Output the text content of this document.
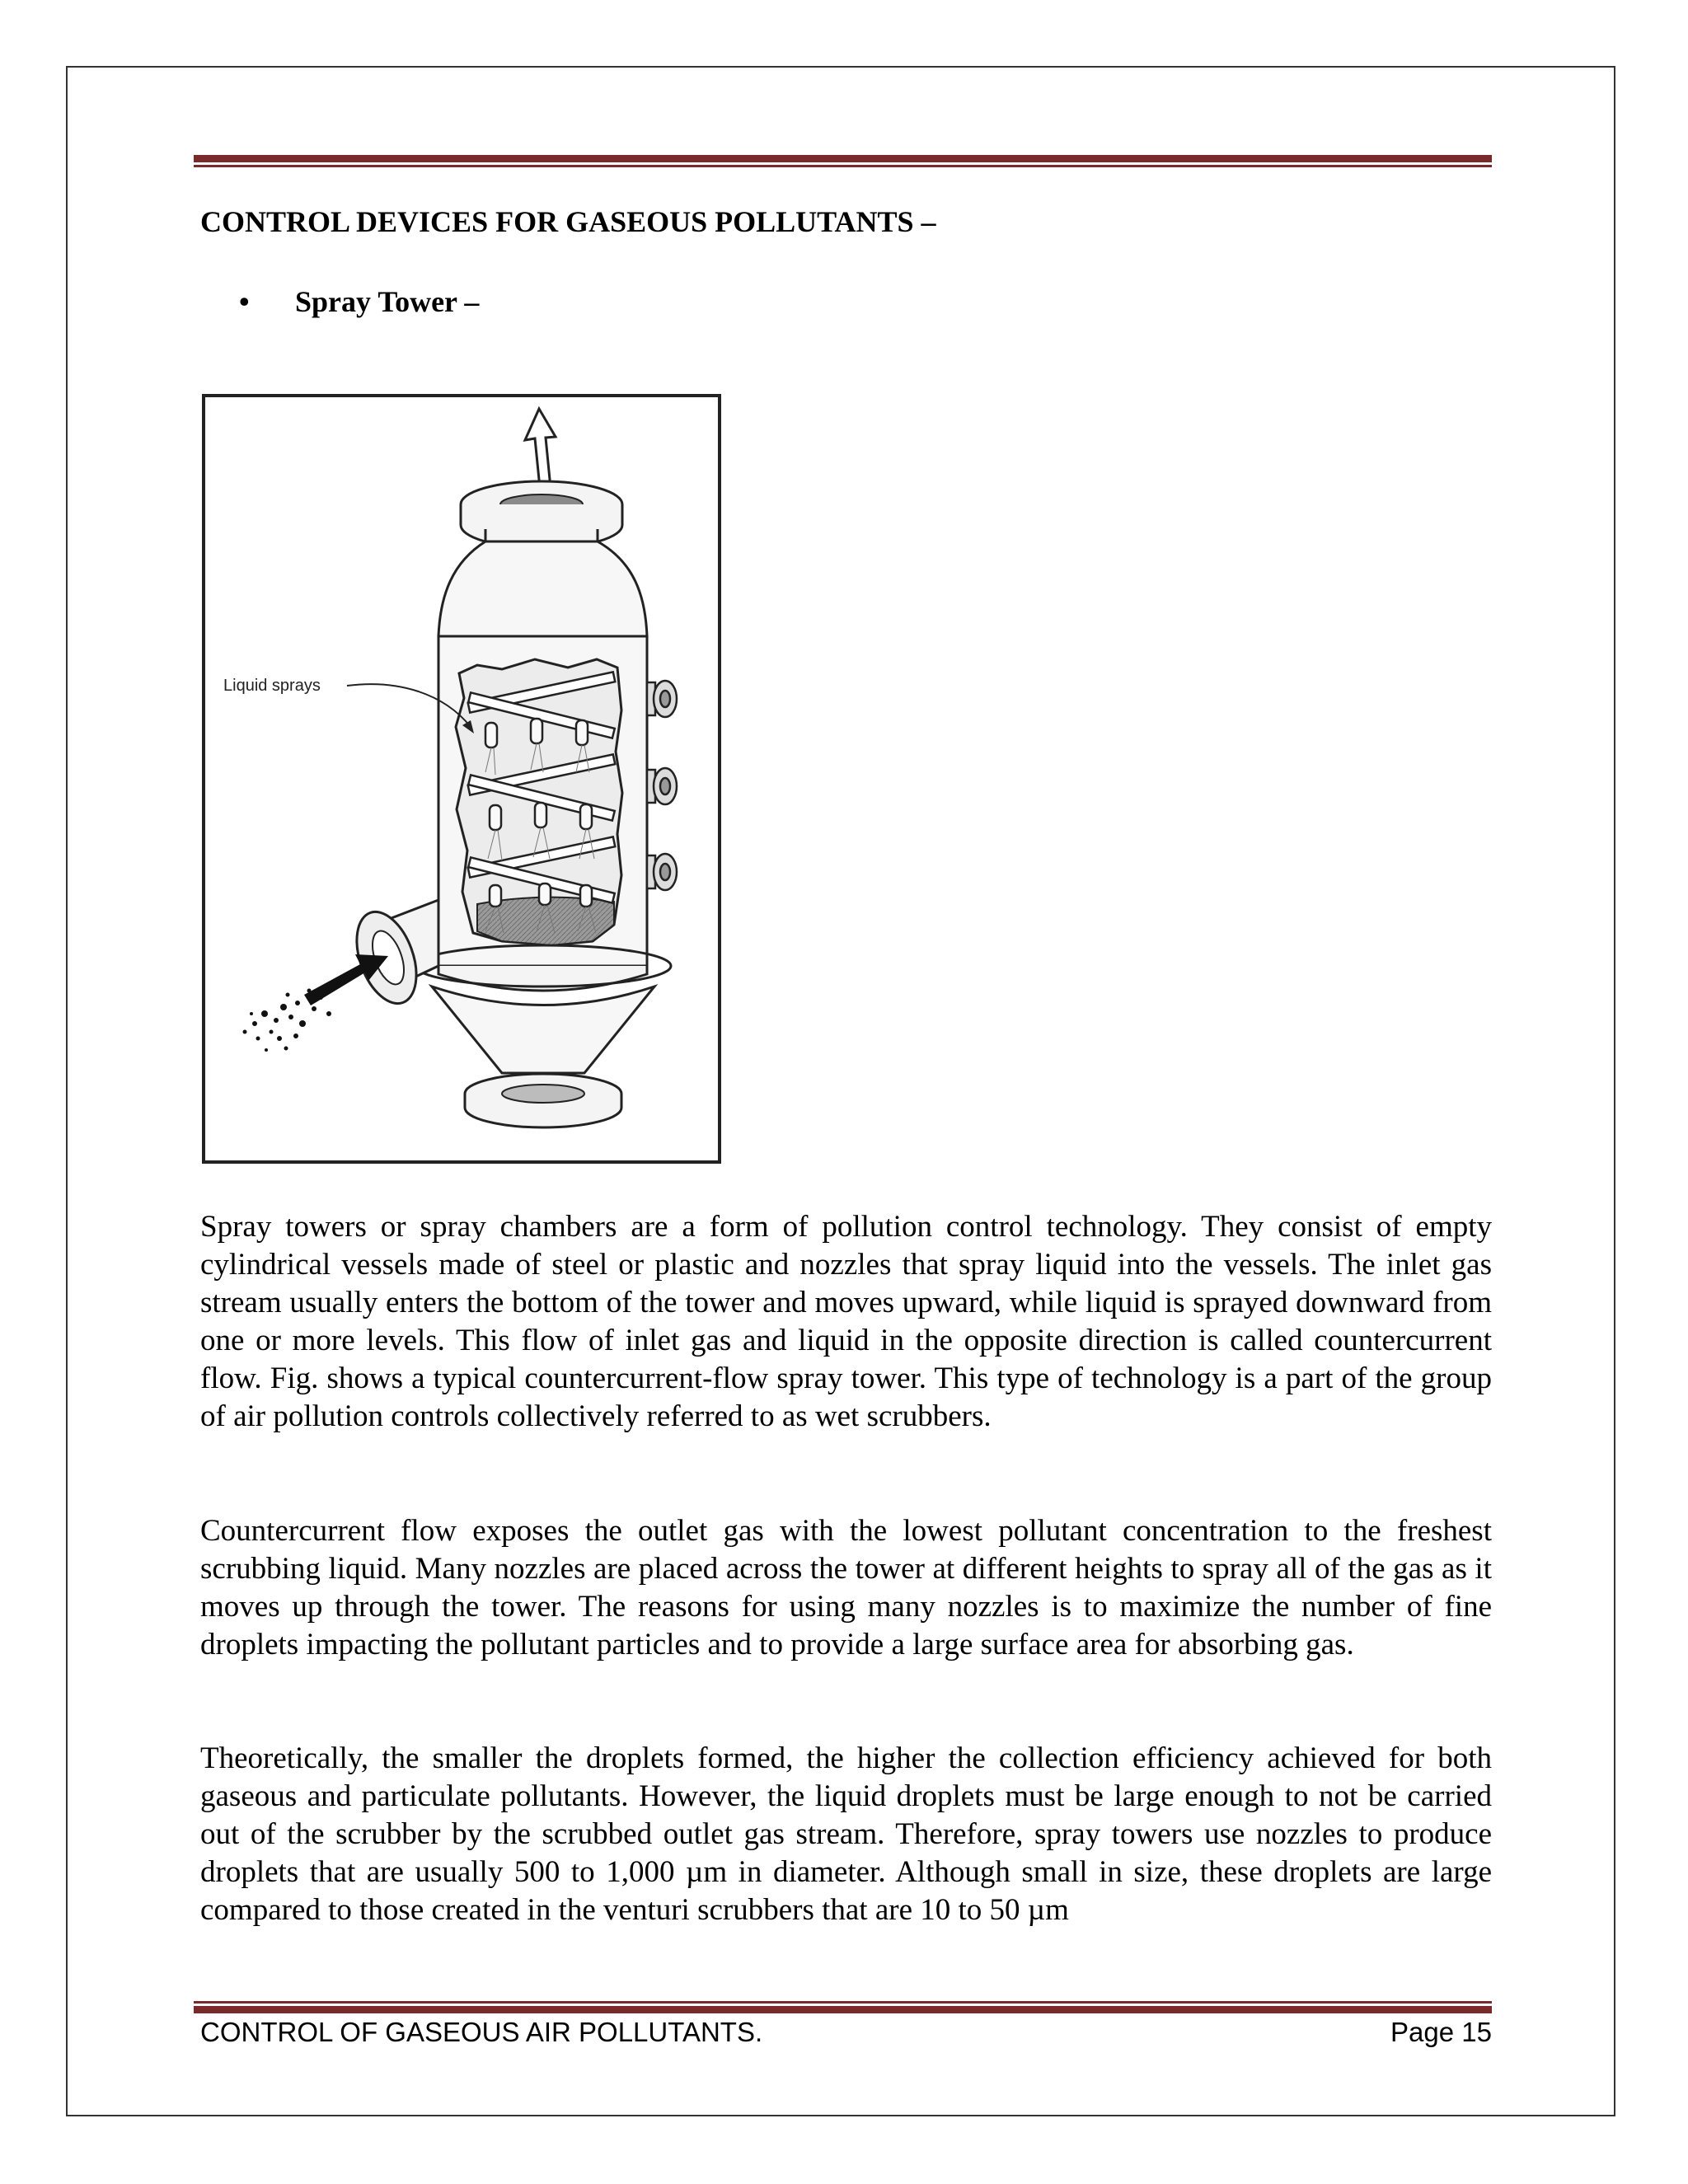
CONTROL DEVICES FOR GASEOUS POLLUTANTS –
• Spray Tower –
Liquid sprays
Spray towers or spray chambers are a form of pollution control technology. They consist of empty cylindrical vessels made of steel or plastic and nozzles that spray liquid into the vessels. The inlet gas stream usually enters the bottom of the tower and moves upward, while liquid is sprayed downward from one or more levels. This flow of inlet gas and liquid in the opposite direction is called countercurrent flow. Fig. shows a typical countercurrent-flow spray tower. This type of technology is a part of the group of air pollution controls collectively referred to as wet scrubbers.
Countercurrent flow exposes the outlet gas with the lowest pollutant concentration to the freshest scrubbing liquid. Many nozzles are placed across the tower at different heights to spray all of the gas as it moves up through the tower. The reasons for using many nozzles is to maximize the number of fine droplets impacting the pollutant particles and to provide a large surface area for absorbing gas.
Theoretically, the smaller the droplets formed, the higher the collection efficiency achieved for both gaseous and particulate pollutants. However, the liquid droplets must be large enough to not be carried out of the scrubber by the scrubbed outlet gas stream. Therefore, spray towers use nozzles to produce droplets that are usually 500 to 1,000 µm in diameter. Although small in size, these droplets are large compared to those created in the venturi scrubbers that are 10 to 50 µm
CONTROL OF GASEOUS AIR POLLUTANTS.	Page 15
